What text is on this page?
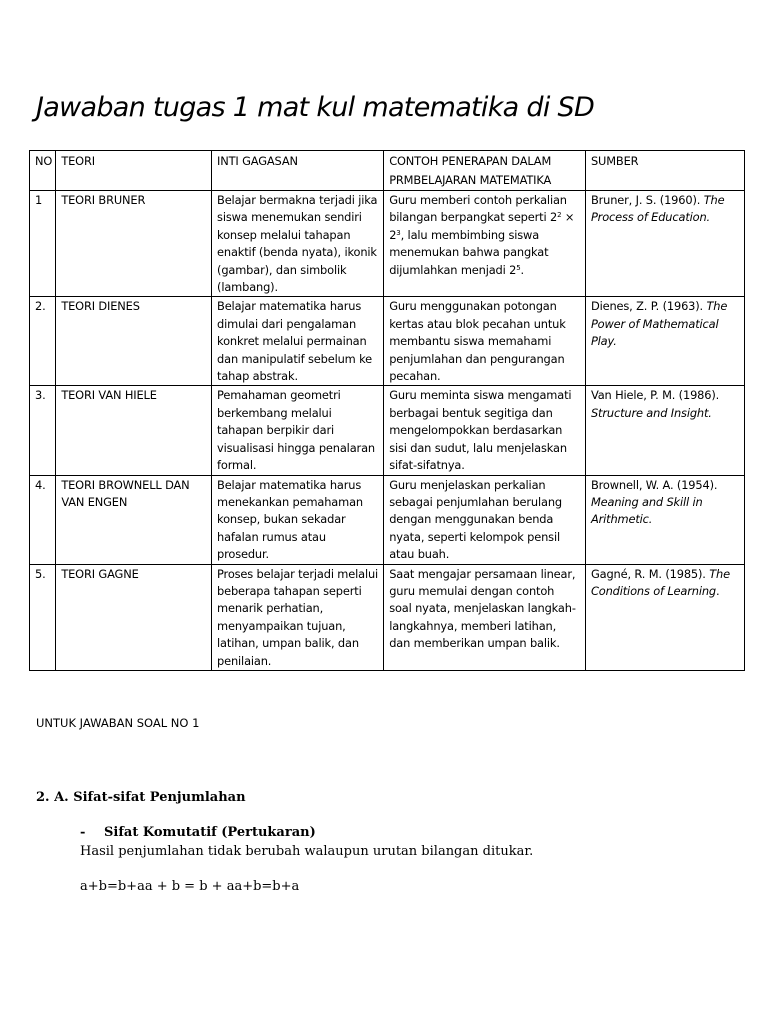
Jawaban tugas 1 mat kul matematika di SD
NO	TEORI	INTI GAGASAN	CONTOH PENERAPAN DALAM PRMBELAJARAN MATEMATIKA	SUMBER
1	TEORI BRUNER	Belajar bermakna terjadi jika siswa menemukan sendiri konsep melalui tahapan enaktif (benda nyata), ikonik (gambar), dan simbolik (lambang).	Guru memberi contoh perkalian bilangan berpangkat seperti $2^2 \times 2^3$, lalu membimbing siswa menemukan bahwa pangkat dijumlahkan menjadi $2^5$.	Bruner, J. S. (1960). The Process of Education.
2.	TEORI DIENES	Belajar matematika harus dimulai dari pengalaman konkret melalui permainan dan manipulatif sebelum ke tahap abstrak.	Guru menggunakan potongan kertas atau blok pecahan untuk membantu siswa memahami penjumlahan dan pengurangan pecahan.	Dienes, Z. P. (1963). The Power of Mathematical Play.
3.	TEORI VAN HIELE	Pemahaman geometri berkembang melalui tahapan berpikir dari visualisasi hingga penalaran formal.	Guru meminta siswa mengamati berbagai bentuk segitiga dan mengelompokkan berdasarkan sisi dan sudut, lalu menjelaskan sifat-sifatnya.	Van Hiele, P. M. (1986). Structure and Insight.
4.	TEORI BROWNELL DAN VAN ENGEN	Belajar matematika harus menekankan pemahaman konsep, bukan sekadar hafalan rumus atau prosedur.	Guru menjelaskan perkalian sebagai penjumlahan berulang dengan menggunakan benda nyata, seperti kelompok pensil atau buah.	Brownell, W. A. (1954). Meaning and Skill in Arithmetic.
5.	TEORI GAGNE	Proses belajar terjadi melalui beberapa tahapan seperti menarik perhatian, menyampaikan tujuan, latihan, umpan balik, dan penilaian.	Saat mengajar persamaan linear, guru memulai dengan contoh soal nyata, menjelaskan langkah-langkahnya, memberi latihan, dan memberikan umpan balik.	Gagné, R. M. (1985). The Conditions of Learning.
UNTUK JAWABAN SOAL NO 1
2. A. Sifat-sifat Penjumlahan
- Sifat Komutatif (Pertukaran)

Hasil penjumlahan tidak berubah walaupun urutan bilangan ditukar.

a+b=b+aa + b = b + aa+b=b+a
